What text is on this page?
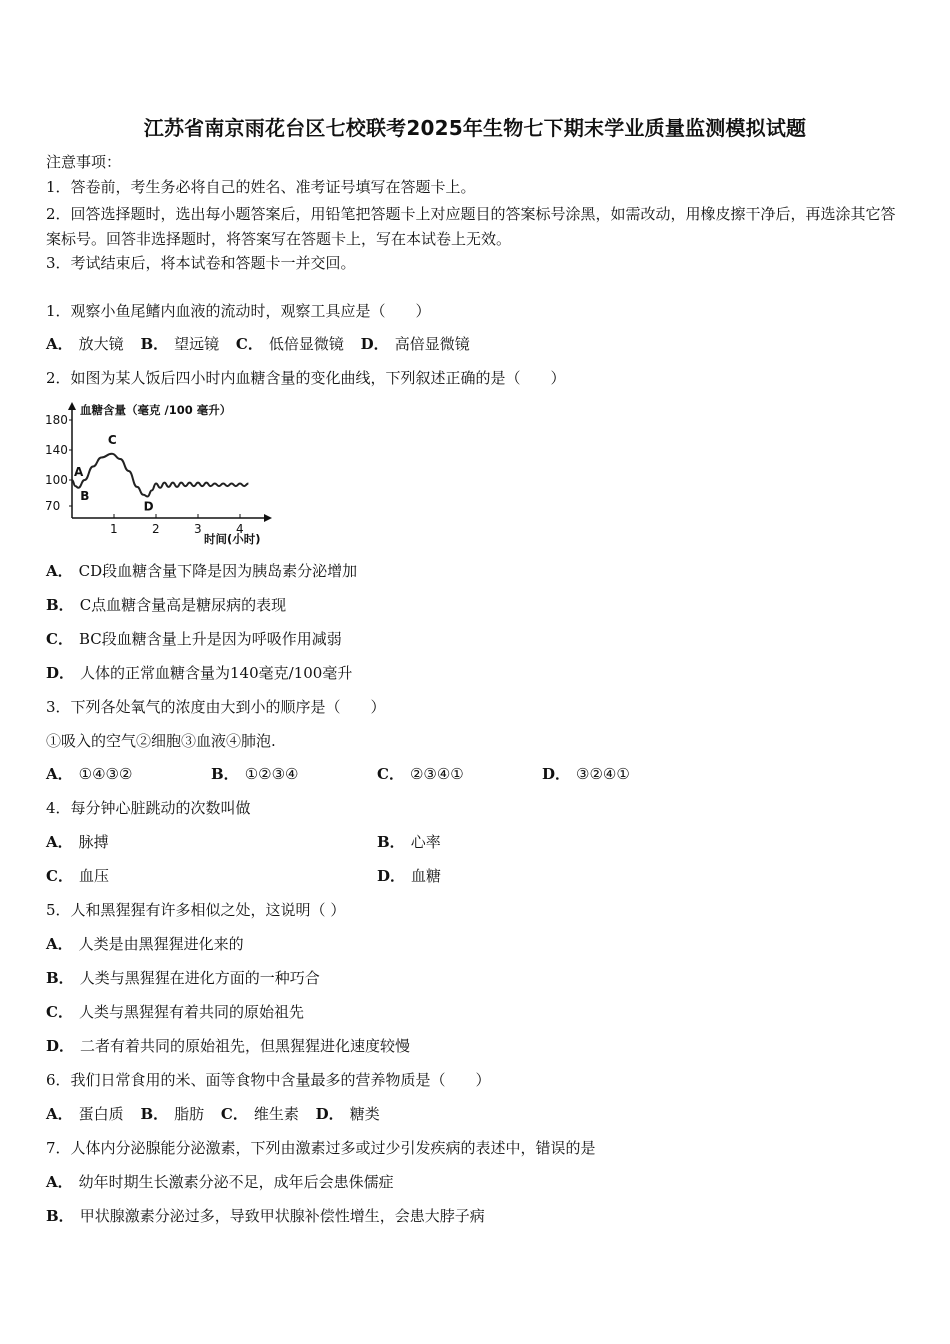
江苏省南京雨花台区七校联考2025年生物七下期末学业质量监测模拟试题
注意事项：
1．答卷前，考生务必将自己的姓名、准考证号填写在答题卡上。
2．回答选择题时，选出每小题答案后，用铅笔把答题卡上对应题目的答案标号涂黑，如需改动，用橡皮擦干净后，再选涂其它答案标号。回答非选择题时，将答案写在答题卡上，写在本试卷上无效。
3．考试结束后，将本试卷和答题卡一并交回。
1．观察小鱼尾鳍内血液的流动时，观察工具应是（　　）
A． 放大镜 B． 望远镜 C． 低倍显微镜 D． 高倍显微镜
2．如图为某人饭后四小时内血糖含量的变化曲线，下列叙述正确的是（　　）
70
100
140
180
1	2	3	4
A
B
C
D
血糖含量（毫克 /100 毫升）
时间(小时)
A． CD段血糖含量下降是因为胰岛素分泌增加
B． C点血糖含量高是糖尿病的表现
C． BC段血糖含量上升是因为呼吸作用减弱
D． 人体的正常血糖含量为140毫克/100毫升
3．下列各处氧气的浓度由大到小的顺序是（　　）
①吸入的空气②细胞③血液④肺泡.
A． ①④③②	B． ①②③④	C． ②③④①	D． ③②④①
4．每分钟心脏跳动的次数叫做
A． 脉搏	B． 心率
C． 血压	D． 血糖
5．人和黑猩猩有许多相似之处，这说明（ ）
A． 人类是由黑猩猩进化来的
B． 人类与黑猩猩在进化方面的一种巧合
C． 人类与黑猩猩有着共同的原始祖先
D． 二者有着共同的原始祖先，但黑猩猩进化速度较慢
6．我们日常食用的米、面等食物中含量最多的营养物质是（　　）
A． 蛋白质 B． 脂肪 C． 维生素 D． 糖类
7．人体内分泌腺能分泌激素，下列由激素过多或过少引发疾病的表述中，错误的是
A． 幼年时期生长激素分泌不足，成年后会患侏儒症
B． 甲状腺激素分泌过多，导致甲状腺补偿性增生，会患大脖子病
